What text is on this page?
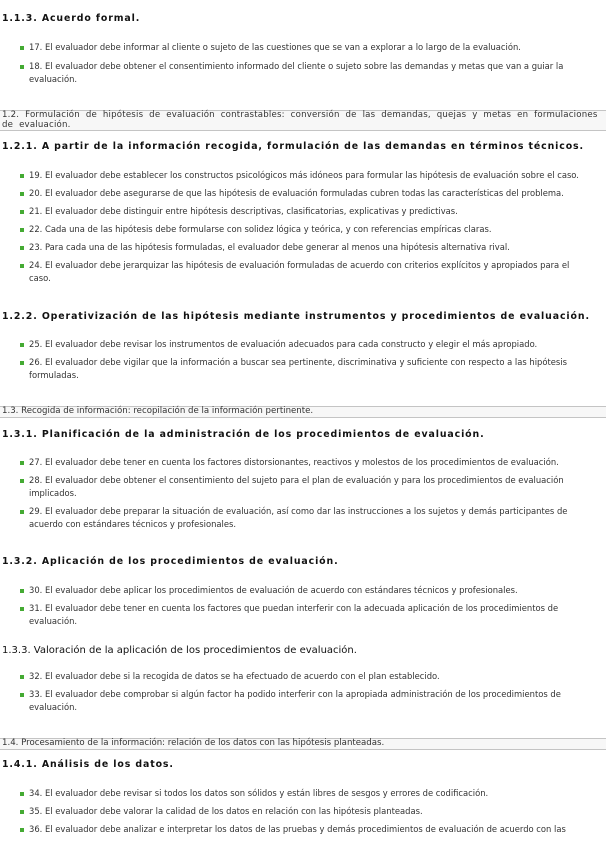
1.1.3. Acuerdo formal.
17. El evaluador debe informar al cliente o sujeto de las cuestiones que se van a explorar a lo largo de la evaluación.
18. El evaluador debe obtener el consentimiento informado del cliente o sujeto sobre las demandas y metas que van a guiar la evaluación.
1.2. Formulación de hipótesis de evaluación contrastables: conversión de las demandas, quejas y metas en formulaciones de evaluación.
1.2.1. A partir de la información recogida, formulación de las demandas en términos técnicos.
19. El evaluador debe establecer los constructos psicológicos más idóneos para formular las hipótesis de evaluación sobre el caso.
20. El evaluador debe asegurarse de que las hipótesis de evaluación formuladas cubren todas las características del problema.
21. El evaluador debe distinguir entre hipótesis descriptivas, clasificatorias, explicativas y predictivas.
22. Cada una de las hipótesis debe formularse con solidez lógica y teórica, y con referencias empíricas claras.
23. Para cada una de las hipótesis formuladas, el evaluador debe generar al menos una hipótesis alternativa rival.
24. El evaluador debe jerarquizar las hipótesis de evaluación formuladas de acuerdo con criterios explícitos y apropiados para el caso.
1.2.2. Operativización de las hipótesis mediante instrumentos y procedimientos de evaluación.
25. El evaluador debe revisar los instrumentos de evaluación adecuados para cada constructo y elegir el más apropiado.
26. El evaluador debe vigilar que la información a buscar sea pertinente, discriminativa y suficiente con respecto a las hipótesis formuladas.
1.3. Recogida de información: recopilación de la información pertinente.
1.3.1. Planificación de la administración de los procedimientos de evaluación.
27. El evaluador debe tener en cuenta los factores distorsionantes, reactivos y molestos de los procedimientos de evaluación.
28. El evaluador debe obtener el consentimiento del sujeto para el plan de evaluación y para los procedimientos de evaluación implicados.
29. El evaluador debe preparar la situación de evaluación, así como dar las instrucciones a los sujetos y demás participantes de acuerdo con estándares técnicos y profesionales.
1.3.2. Aplicación de los procedimientos de evaluación.
30. El evaluador debe aplicar los procedimientos de evaluación de acuerdo con estándares técnicos y profesionales.
31. El evaluador debe tener en cuenta los factores que puedan interferir con la adecuada aplicación de los procedimientos de evaluación.
1.3.3. Valoración de la aplicación de los procedimientos de evaluación.
32. El evaluador debe si la recogida de datos se ha efectuado de acuerdo con el plan establecido.
33. El evaluador debe comprobar si algún factor ha podido interferir con la apropiada administración de los procedimientos de evaluación.
1.4. Procesamiento de la información: relación de los datos con las hipótesis planteadas.
1.4.1. Análisis de los datos.
34. El evaluador debe revisar si todos los datos son sólidos y están libres de sesgos y errores de codificación.
35. El evaluador debe valorar la calidad de los datos en relación con las hipótesis planteadas.
36. El evaluador debe analizar e interpretar los datos de las pruebas y demás procedimientos de evaluación de acuerdo con las
